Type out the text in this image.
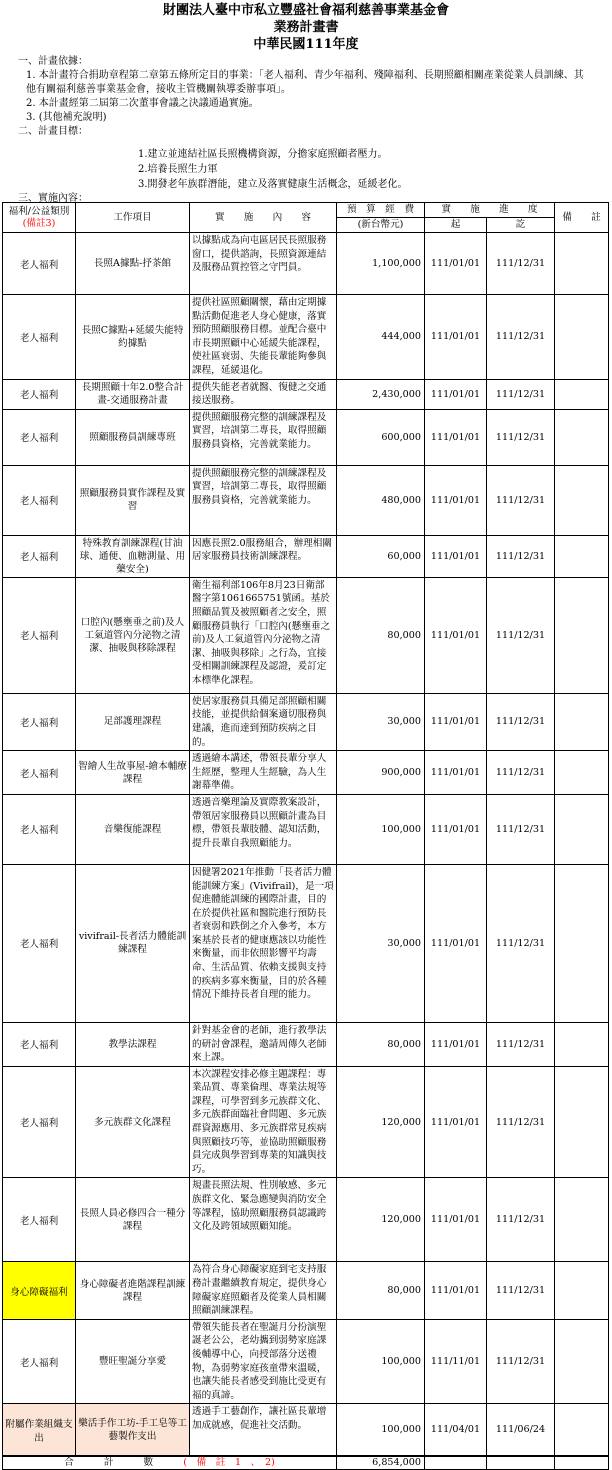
財團法人臺中市私立豐盛社會福利慈善事業基金會
業務計畫書
中華民國111年度
一、計畫依據：
1. 本計畫符合捐助章程第二章第五條所定目的事業：「老人福利、青少年福利、殘障福利、長期照顧相關產業從業人員訓練、其他有關福利慈善事業基金會，接收主管機關執導委辦事項」。
2. 本計畫經第二屆第二次董事會議之決議通過實施。
3. (其他補充說明)
二、計畫目標：
1.建立並連結社區長照機構資源，分擔家庭照顧者壓力。
2.培養長照生力軍
3.開發老年族群潛能，建立及落實健康生活概念，延緩老化。
三、實施內容：
福利/公益類別
(備註3)	工作項目	實　　施　　內　　容	預　算　經　費	實　　施　　進　　度		備　　註
			(新台幣元)	起	訖	
老人福利	長照A據點-抒茶館	以據點成為向屯區居民長照服務窗口，提供諮詢，長照資源連結及服務品質控管之守門員。	1,100,000	111/01/01	111/12/31	
老人福利	長照C據點+延緩失能特約據點	提供社區照顧關懷，藉由定期據點活動促進老人身心健康，落實預防照顧服務目標。並配合臺中市長期照顧中心延緩失能課程，使社區衰弱、失能長輩能夠參與課程，延緩退化。	444,000	111/01/01	111/12/31	
老人福利	長期照顧十年2.0整合計畫-交通服務計畫	提供失能老者就醫、復健之交通接送服務。	2,430,000	111/01/01	111/12/31	
老人福利	照顧服務員訓練專班	提供照顧服務完整的訓練課程及實習，培訓第二專長，取得照顧服務員資格，完善就業能力。	600,000	111/01/01	111/12/31	
老人福利	照顧服務員實作課程及實習	提供照顧服務完整的訓練課程及實習，培訓第二專長，取得照顧服務員資格，完善就業能力。	480,000	111/01/01	111/12/31	
老人福利	特殊教育訓練課程(甘油球、通便、血糖測量、用藥安全)	因應長照2.0服務組合，辦理相關居家服務員技術訓練課程。	60,000	111/01/01	111/12/31	
老人福利	口腔內(懸壅垂之前)及人工氣道管內分泌物之清潔、抽吸與移除課程	衛生福利部106年8月23日衛部醫字第1061665751號函。基於照顧品質及被照顧者之安全，照顧服務員執行「口腔內(懸壅垂之前)及人工氣道管內分泌物之清潔、抽吸與移除」之行為，宜接受相關訓練課程及認證，爰訂定本標準化課程。	80,000	111/01/01	111/12/31	
老人福利	足部護理課程	使居家服務員具備足部照顧相關技能，並提供給個案適切服務與建議，進而達到預防疾病之目的。	30,000	111/01/01	111/12/31	
老人福利	智繪人生故事屋-繪本輔療課程	透過繪本講述，帶領長輩分享人生經歷，整理人生經驗，為人生謝幕準備。	900,000	111/01/01	111/12/31	
老人福利	音樂復能課程	透過音樂理論及實際教案設計，帶領居家服務員以照顧計畫為目標，帶領長輩肢體、認知活動，提升長輩自我照顧能力。	100,000	111/01/01	111/12/31	
老人福利	vivifrail-長者活力體能訓練課程	因健署2021年推動「長者活力體能訓練方案」(Vivifrail)，是一項促進體能訓練的國際計畫，目的在於提供社區和醫院進行預防長者衰弱和跌倒之介入參考，本方案基於長者的健康應該以功能性來衡量，而非依照影響平均壽命、生活品質、依賴支援與支持的疾病多寡來衡量，目的於各種情況下維持長者自理的能力。	30,000	111/01/01	111/12/31	
老人福利	教學法課程	針對基金會的老師，進行教學法的研討會課程，邀請周傳久老師來上課。	80,000	111/01/01	111/12/31	
老人福利	多元族群文化課程	本次課程安排必修主題課程：專業品質、專業倫理、專業法規等課程，可學習到多元族群文化、多元族群面臨社會問題、多元族群資源應用、多元族群常見疾病與照顧技巧等，並協助照顧服務員完成與學習到專業的知識與技巧。	120,000	111/01/01	111/12/31	
老人福利	長照人員必修四合一種分課程	規畫長照法規、性別敏感、多元族群文化、緊急應變與消防安全等課程，協助照顧服務員認識跨文化及跨領域照顧知能。	120,000	111/01/01	111/12/31	
身心障礙福利	身心障礙者進階課程訓練課程	為符合身心障礙家庭到宅支持服務計畫繼續教育規定，提供身心障礙家庭照顧者及從業人員相關照顧訓練課程。	80,000	111/01/01	111/12/31	
老人福利	豐旺聖誕分享愛	帶領失能長者在聖誕月分扮演聖誕老公公，老幼攜到弱勢家庭課後輔導中心，向授部落分送禮物，為弱勢家庭孩童帶來溫暖，也讓失能長者感受到施比受更有福的真諦。	100,000	111/11/01	111/12/31	
附屬作業組織支出	樂活手作工坊-手工皂等工藝製作支出	透過手工藝創作，讓社區長輩增加成就感，促進社交活動。	100,000	111/04/01	111/06/24	
合 計 數 (　備　註　1　、　2)			6,854,000			
